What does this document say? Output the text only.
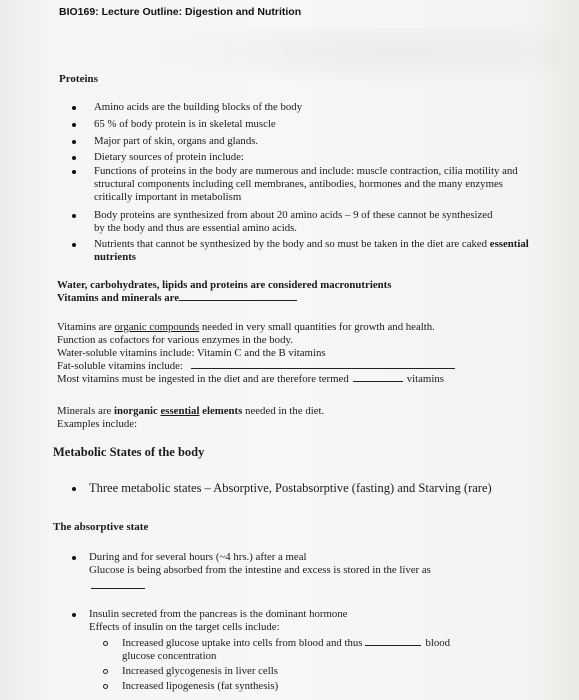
BIO169: Lecture Outline: Digestion and Nutrition
Proteins
Amino acids are the building blocks of the body
65 % of body protein is in skeletal muscle
Major part of skin, organs and glands.
Dietary sources of protein include:
Functions of proteins in the body are numerous and include: muscle contraction, cilia motility and structural components including cell membranes, antibodies, hormones and the many enzymes critically important in metabolism
Body proteins are synthesized from about 20 amino acids – 9 of these cannot be synthesized by the body and thus are essential amino acids.
Nutrients that cannot be synthesized by the body and so must be taken in the diet are caked essential nutrients
Water, carbohydrates, lipids and proteins are considered macronutrients
Vitamins and minerals are
Vitamins are organic compounds needed in very small quantities for growth and health.
Function as cofactors for various enzymes in the body.
Water-soluble vitamins include: Vitamin C and the B vitamins
Fat-soluble vitamins include:
Most vitamins must be ingested in the diet and are therefore termed	vitamins
Minerals are inorganic essential elements needed in the diet.
Examples include:
Metabolic States of the body
Three metabolic states – Absorptive, Postabsorptive (fasting) and Starving (rare)
The absorptive state
During and for several hours (~4 hrs.) after a meal
Glucose is being absorbed from the intestine and excess is stored in the liver as
Insulin secreted from the pancreas is the dominant hormone
Effects of insulin on the target cells include:
Increased glucose uptake into cells from blood and thus	blood
glucose concentration
Increased glycogenesis in liver cells
Increased lipogenesis (fat synthesis)
